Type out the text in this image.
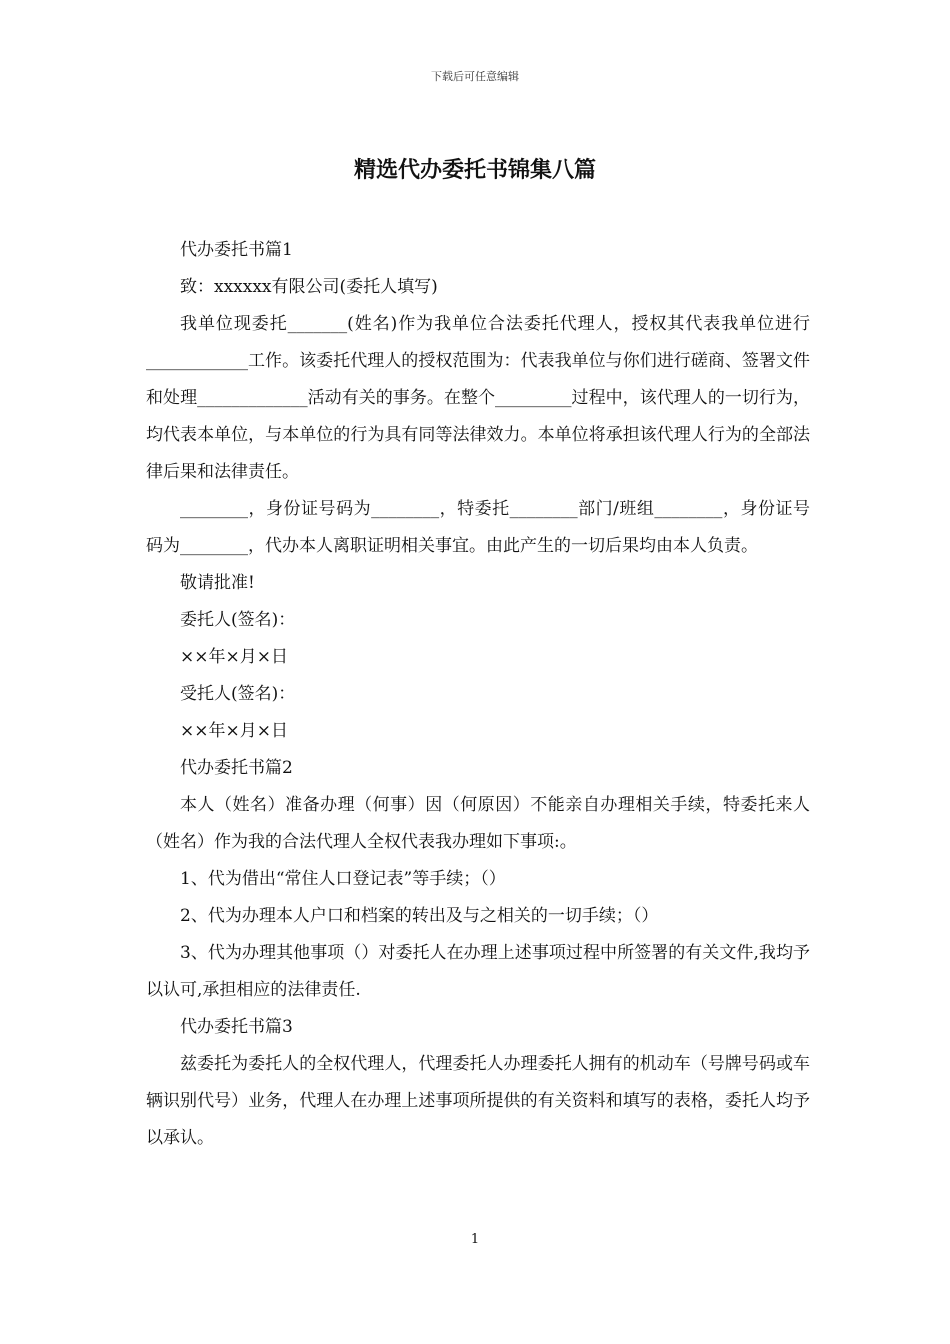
下载后可任意编辑
精选代办委托书锦集八篇

代办委托书篇1

致：xxxxxx有限公司(委托人填写)

我单位现委托_______(姓名)作为我单位合法委托代理人，授权其代表我单位进行____________工作。该委托代理人的授权范围为：代表我单位与你们进行磋商、签署文件和处理_____________活动有关的事务。在整个_________过程中，该代理人的一切行为，均代表本单位，与本单位的行为具有同等法律效力。本单位将承担该代理人行为的全部法律后果和法律责任。

________，身份证号码为________，特委托________部门/班组________，身份证号码为________，代办本人离职证明相关事宜。由此产生的一切后果均由本人负责。

敬请批准!

委托人(签名)：

××年×月×日

受托人(签名)：

××年×月×日

代办委托书篇2

本人（姓名）准备办理（何事）因（何原因）不能亲自办理相关手续，特委托来人（姓名）作为我的合法代理人全权代表我办理如下事项:。

1、代为借出“常住人口登记表”等手续；（）

2、代为办理本人户口和档案的转出及与之相关的一切手续；（）

3、代为办理其他事项（）对委托人在办理上述事项过程中所签署的有关文件,我均予以认可,承担相应的法律责任.

代办委托书篇3

兹委托为委托人的全权代理人，代理委托人办理委托人拥有的机动车（号牌号码或车辆识别代号）业务，代理人在办理上述事项所提供的有关资料和填写的表格，委托人均予以承认。

1
